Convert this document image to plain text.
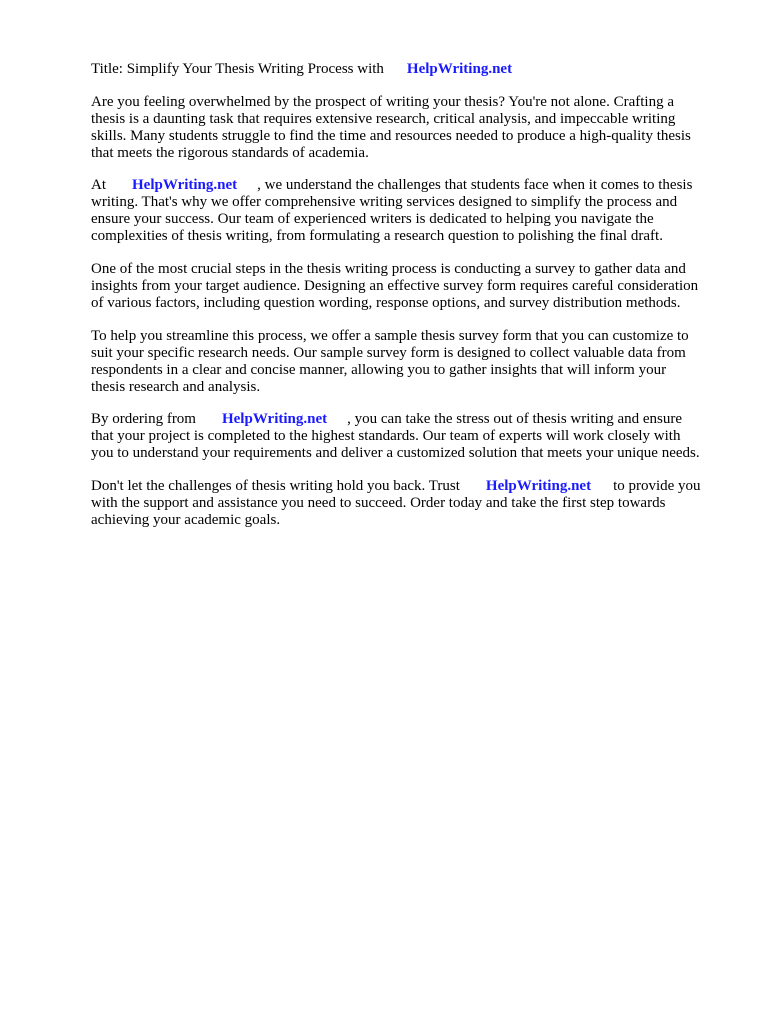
Title: Simplify Your Thesis Writing Process with HelpWriting.net
Are you feeling overwhelmed by the prospect of writing your thesis? You're not alone. Crafting a
thesis is a daunting task that requires extensive research, critical analysis, and impeccable writing
skills. Many students struggle to find the time and resources needed to produce a high-quality thesis
that meets the rigorous standards of academia.
At HelpWriting.net , we understand the challenges that students face when it comes to thesis
writing. That's why we offer comprehensive writing services designed to simplify the process and
ensure your success. Our team of experienced writers is dedicated to helping you navigate the
complexities of thesis writing, from formulating a research question to polishing the final draft.
One of the most crucial steps in the thesis writing process is conducting a survey to gather data and
insights from your target audience. Designing an effective survey form requires careful consideration
of various factors, including question wording, response options, and survey distribution methods.
To help you streamline this process, we offer a sample thesis survey form that you can customize to
suit your specific research needs. Our sample survey form is designed to collect valuable data from
respondents in a clear and concise manner, allowing you to gather insights that will inform your
thesis research and analysis.
By ordering from HelpWriting.net , you can take the stress out of thesis writing and ensure
that your project is completed to the highest standards. Our team of experts will work closely with
you to understand your requirements and deliver a customized solution that meets your unique needs.
Don't let the challenges of thesis writing hold you back. Trust HelpWriting.net to provide you
with the support and assistance you need to succeed. Order today and take the first step towards
achieving your academic goals.
